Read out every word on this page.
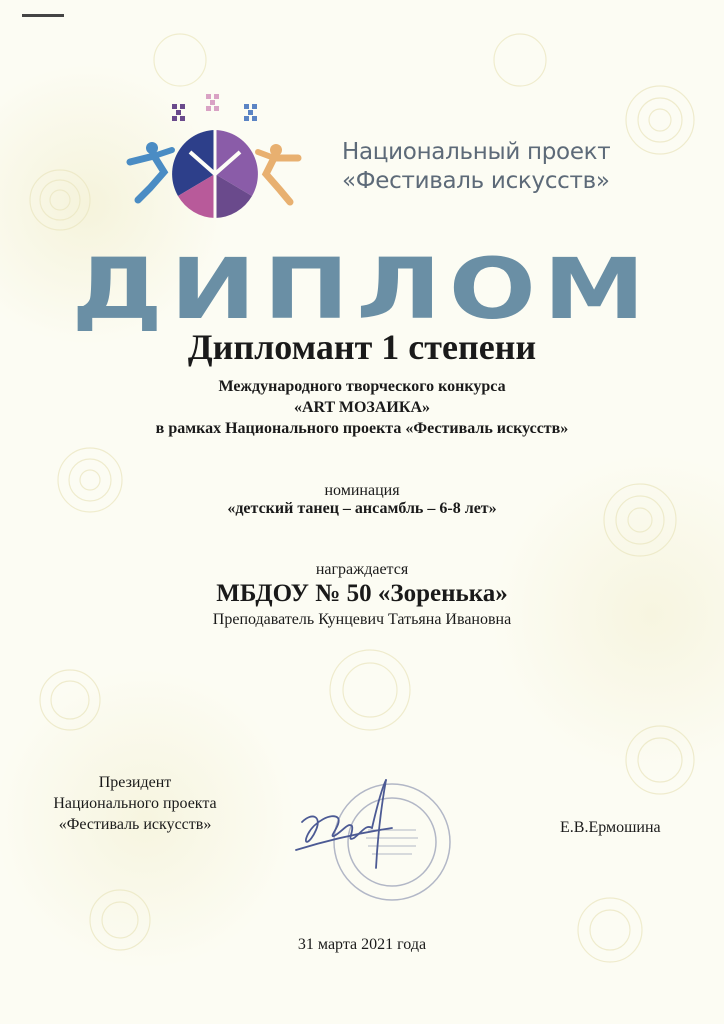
Национальный проект
«Фестиваль искусств»
ДИПЛОМ
Дипломант 1 степени
Международного творческого конкурса
«ART МОЗАИКА»
в рамках Национального проекта «Фестиваль искусств»
номинация
«детский танец – ансамбль – 6-8 лет»
награждается
МБДОУ № 50 «Зоренька»
Преподаватель Кунцевич Татьяна Ивановна
Президент
Национального проекта
«Фестиваль искусств»	Е.В.Ермошина
31 марта 2021 года
